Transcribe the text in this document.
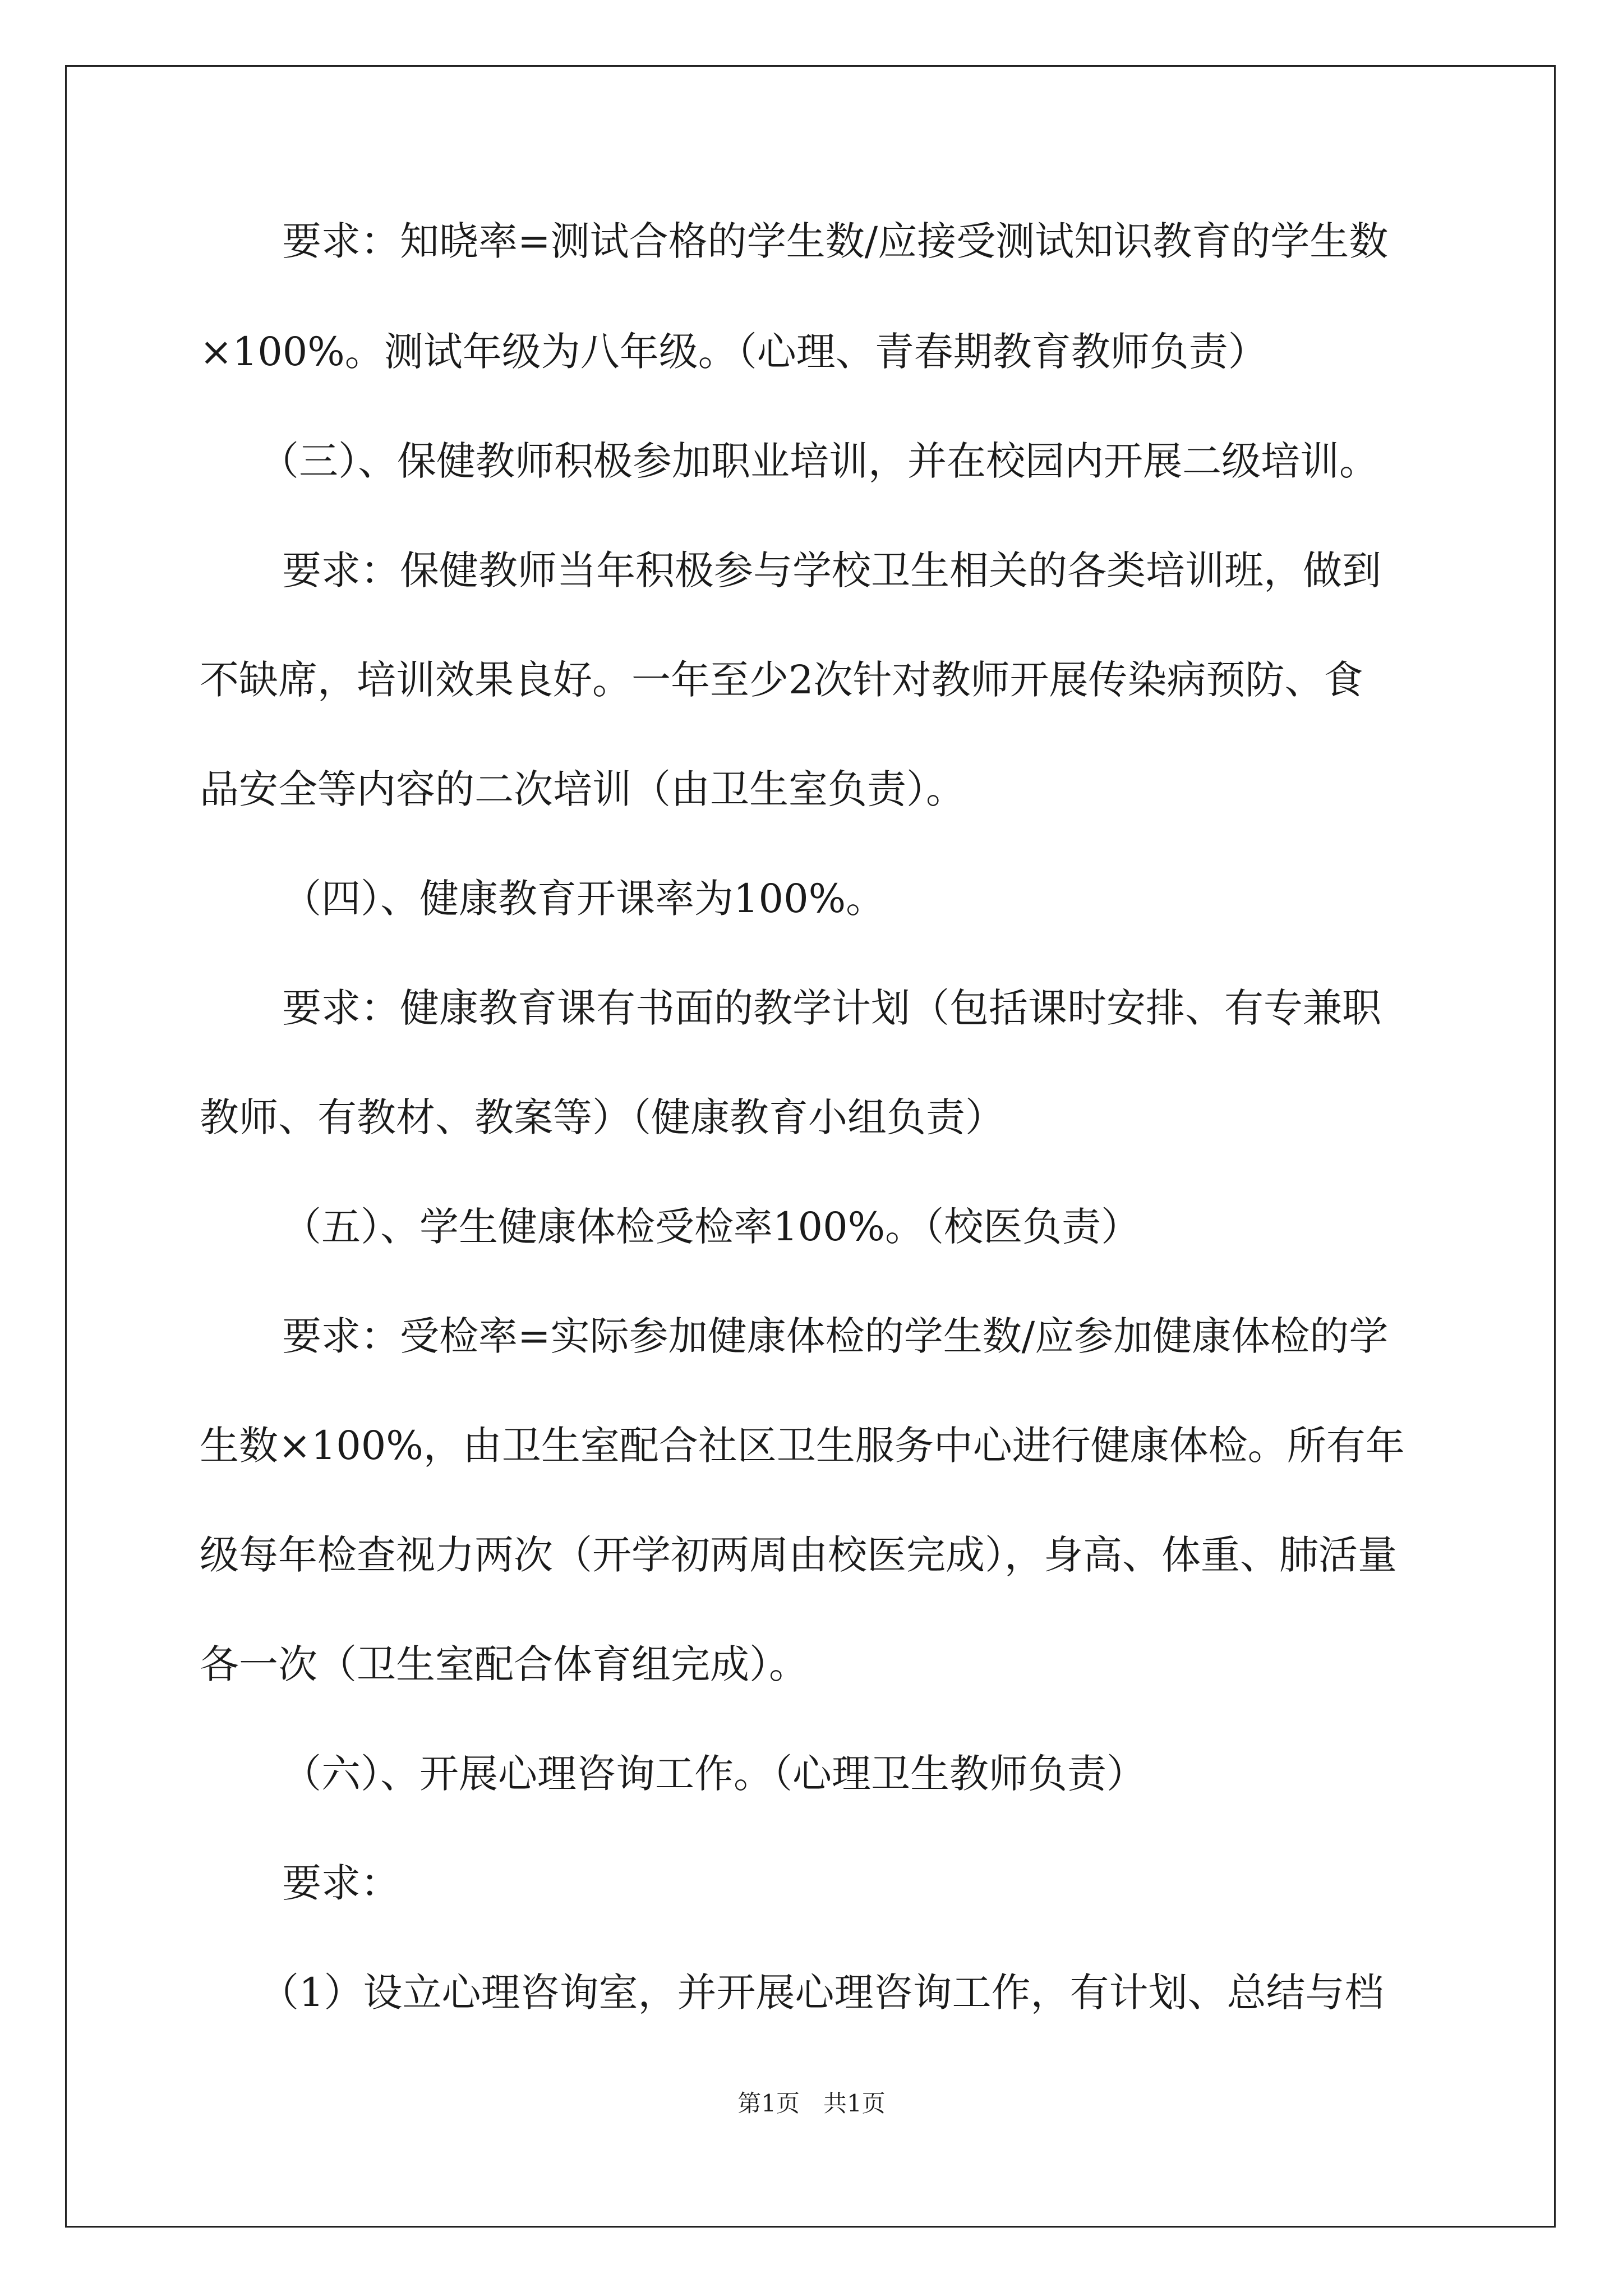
要求：知晓率=测试合格的学生数/应接受测试知识教育的学生数
×100%。测试年级为八年级。（心理、青春期教育教师负责）
（三）、保健教师积极参加职业培训，并在校园内开展二级培训。
要求：保健教师当年积极参与学校卫生相关的各类培训班，做到
不缺席，培训效果良好。一年至少2次针对教师开展传染病预防、食
品安全等内容的二次培训（由卫生室负责）。
（四）、健康教育开课率为100%。
要求：健康教育课有书面的教学计划（包括课时安排、有专兼职
教师、有教材、教案等）（健康教育小组负责）
（五）、学生健康体检受检率100%。（校医负责）
要求：受检率=实际参加健康体检的学生数/应参加健康体检的学
生数×100%，由卫生室配合社区卫生服务中心进行健康体检。所有年
级每年检查视力两次（开学初两周由校医完成），身高、体重、肺活量
各一次（卫生室配合体育组完成）。
（六）、开展心理咨询工作。（心理卫生教师负责）
要求：
（1）设立心理咨询室，并开展心理咨询工作，有计划、总结与档
第1页　共1页
